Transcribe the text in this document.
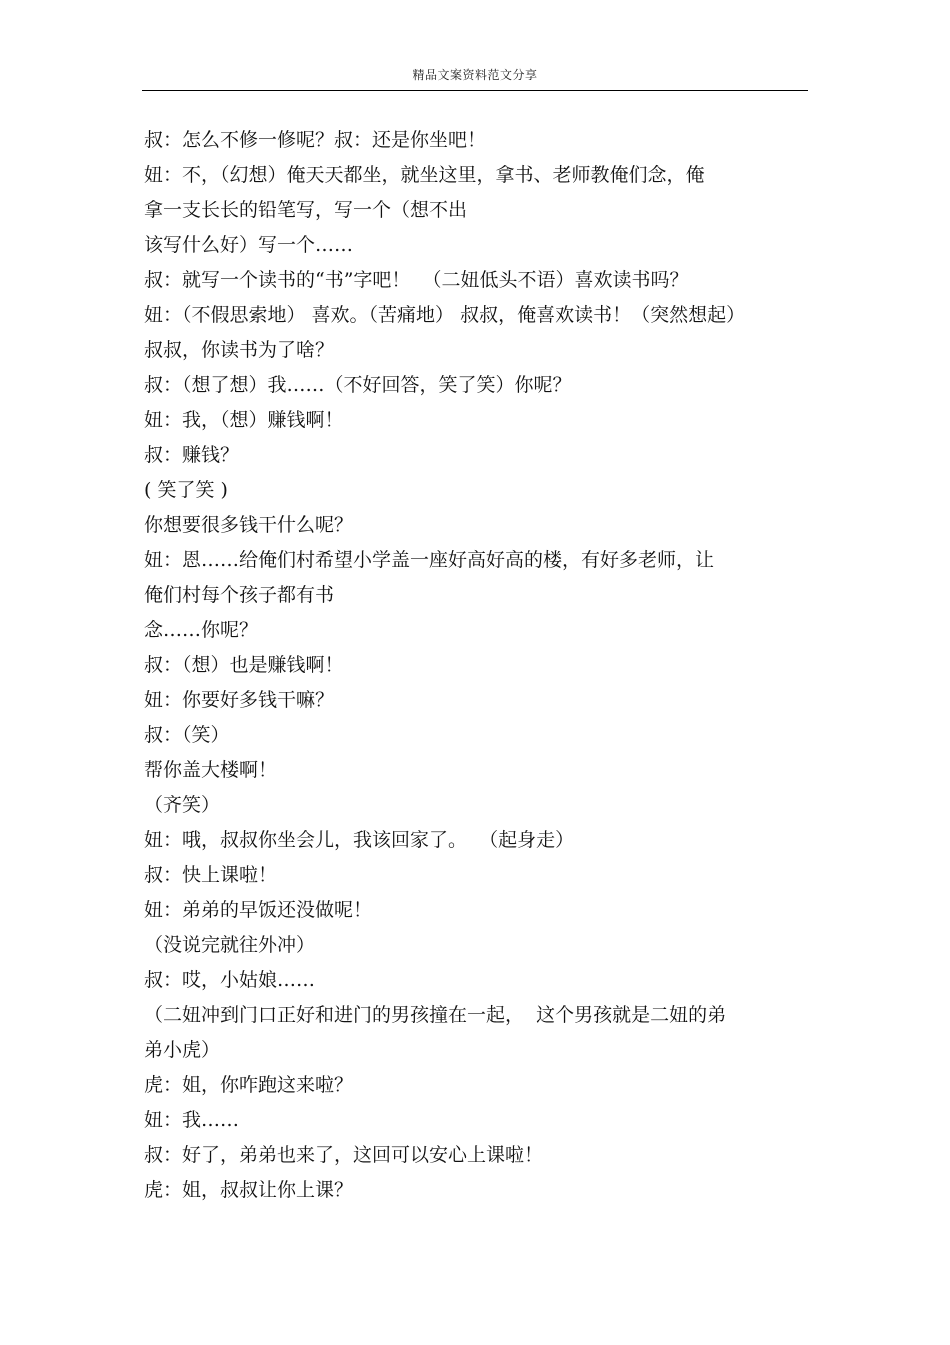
精品文案资料范文分享
叔：怎么不修一修呢？叔：还是你坐吧！
妞：不，（幻想）俺天天都坐，就坐这里，拿书、老师教俺们念，俺
拿一支长长的铅笔写，写一个（想不出
该写什么好）写一个……
叔：就写一个读书的“书”字吧！  （二妞低头不语）喜欢读书吗？
妞：（不假思索地） 喜欢。（苦痛地） 叔叔，俺喜欢读书！（突然想起）
叔叔，你读书为了啥？
叔：（想了想）我……（不好回答，笑了笑）你呢？
妞：我，（想）赚钱啊！
叔：赚钱？
( 笑了笑 )
你想要很多钱干什么呢？
妞：恩……给俺们村希望小学盖一座好高好高的楼，有好多老师，让
俺们村每个孩子都有书
念……你呢？
叔：（想）也是赚钱啊！
妞：你要好多钱干嘛？
叔：（笑）
帮你盖大楼啊！
（齐笑）
妞：哦，叔叔你坐会儿，我该回家了。  （起身走）
叔：快上课啦！
妞：弟弟的早饭还没做呢！
（没说完就往外冲）
叔：哎，小姑娘……
（二妞冲到门口正好和进门的男孩撞在一起，  这个男孩就是二妞的弟
弟小虎）
虎：姐，你咋跑这来啦？
妞：我……
叔：好了，弟弟也来了，这回可以安心上课啦！
虎：姐，叔叔让你上课？
